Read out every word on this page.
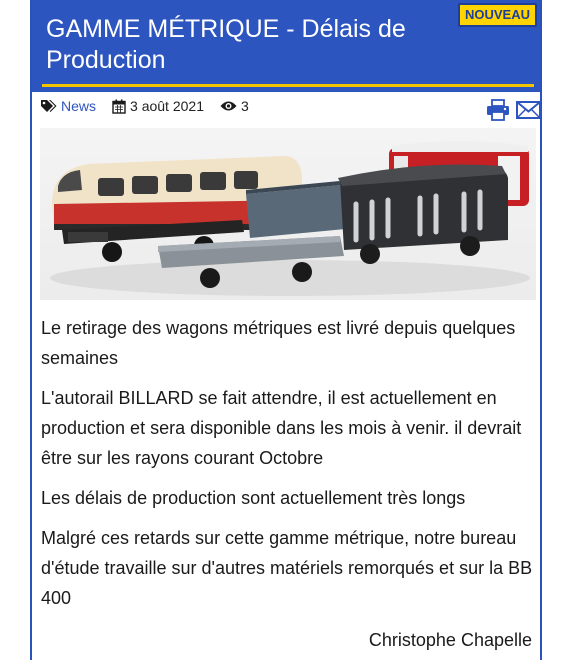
GAMME MÉTRIQUE - Délais de Production
NOUVEAU
News 3 août 2021	3

Le retirage des wagons métriques est livré depuis quelques semaines

L'autorail BILLARD se fait attendre, il est actuellement en production et sera disponible dans les mois à venir. il devrait être sur les rayons courant Octobre

Les délais de production sont actuellement très longs

Malgré ces retards sur cette gamme métrique, notre bureau d'étude travaille sur d'autres matériels remorqués et sur la BB 400

Christophe Chapelle
